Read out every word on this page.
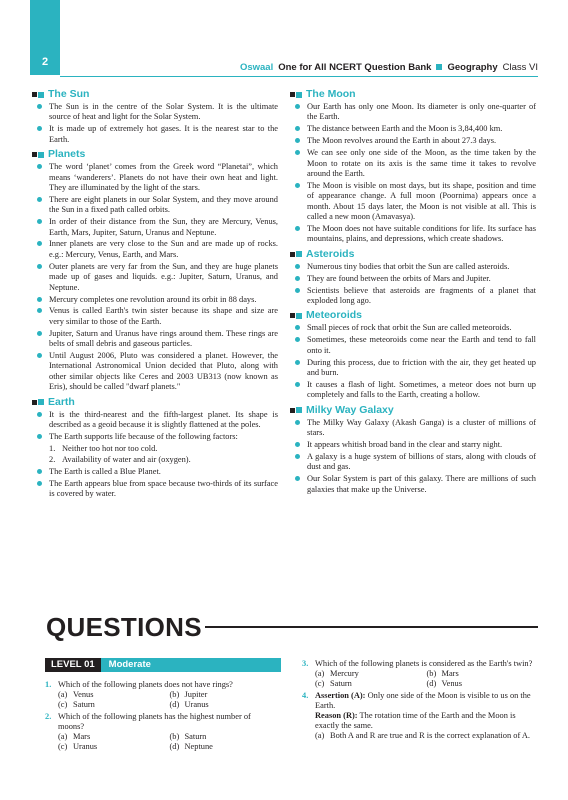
2	Oswaal One for All NCERT Question Bank Geography Class VI
The Sun
The Sun is in the centre of the Solar System. It is the ultimate source of heat and light for the Solar System.
It is made up of extremely hot gases. It is the nearest star to the Earth.
Planets
The word ‘planet’ comes from the Greek word “Planetai”, which means ‘wanderers’. Planets do not have their own heat and light. They are illuminated by the light of the stars.
There are eight planets in our Solar System, and they move around the Sun in a fixed path called orbits.
In order of their distance from the Sun, they are Mercury, Venus, Earth, Mars, Jupiter, Saturn, Uranus and Neptune.
Inner planets are very close to the Sun and are made up of rocks. e.g.: Mercury, Venus, Earth, and Mars.
Outer planets are very far from the Sun, and they are huge planets made up of gases and liquids. e.g.: Jupiter, Saturn, Uranus, and Neptune.
Mercury completes one revolution around its orbit in 88 days.
Venus is called Earth's twin sister because its shape and size are very similar to those of the Earth.
Jupiter, Saturn and Uranus have rings around them. These rings are belts of small debris and gaseous particles.
Until August 2006, Pluto was considered a planet. However, the International Astronomical Union decided that Pluto, along with other similar objects like Ceres and 2003 UB313 (now known as Eris), should be called "dwarf planets."
Earth
It is the third-nearest and the fifth-largest planet. Its shape is described as a geoid because it is slightly flattened at the poles.
The Earth supports life because of the following factors:
1. Neither too hot nor too cold.
2. Availability of water and air (oxygen).
The Earth is called a Blue Planet.
The Earth appears blue from space because two-thirds of its surface is covered by water.
The Moon
Our Earth has only one Moon. Its diameter is only one-quarter of the Earth.
The distance between Earth and the Moon is 3,84,400 km.
The Moon revolves around the Earth in about 27.3 days.
We can see only one side of the Moon, as the time taken by the Moon to rotate on its axis is the same time it takes to revolve around the Earth.
The Moon is visible on most days, but its shape, position and time of appearance change. A full moon (Poornima) appears once a month. About 15 days later, the Moon is not visible at all. This is called a new moon (Amavasya).
The Moon does not have suitable conditions for life. Its surface has mountains, plains, and depressions, which create shadows.
Asteroids
Numerous tiny bodies that orbit the Sun are called asteroids.
They are found between the orbits of Mars and Jupiter.
Scientists believe that asteroids are fragments of a planet that exploded long ago.
Meteoroids
Small pieces of rock that orbit the Sun are called meteoroids.
Sometimes, these meteoroids come near the Earth and tend to fall onto it.
During this process, due to friction with the air, they get heated up and burn.
It causes a flash of light. Sometimes, a meteor does not burn up completely and falls to the Earth, creating a hollow.
Milky Way Galaxy
The Milky Way Galaxy (Akash Ganga) is a cluster of millions of stars.
It appears whitish broad band in the clear and starry night.
A galaxy is a huge system of billions of stars, along with clouds of dust and gas.
Our Solar System is part of this galaxy. There are millions of such galaxies that make up the Universe.
QUESTIONS
LEVEL 01	Moderate
1. Which of the following planets does not have rings?
(a) Venus	(b) Jupiter
(c) Saturn	(d) Uranus
2. Which of the following planets has the highest number of moons?
(a) Mars	(b) Saturn
(c) Uranus	(d) Neptune
3. Which of the following planets is considered as the Earth's twin?
(a) Mercury	(b) Mars
(c) Saturn	(d) Venus
4. Assertion (A): Only one side of the Moon is visible to us on the Earth.
Reason (R): The rotation time of the Earth and the Moon is exactly the same.
(a) Both A and R are true and R is the correct explanation of A.
